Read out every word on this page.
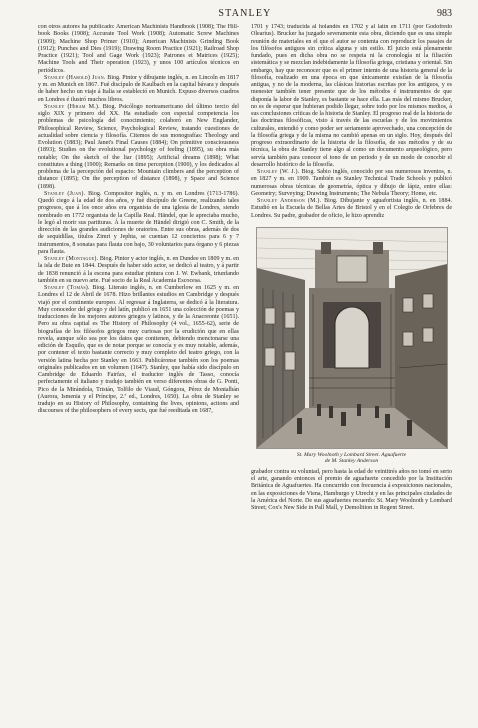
STANLEY	983

con otros autores ha publicado: American Machinists Handbook (1908); The Hill-book Books (1908); Accurate Tool Work (1908); Automatic Screw Machines (1909); Machine Shop Primer (1910); American Machinists Grinding Book (1912); Punches and Dies (1919); Drawing Room Practice (1921); Railroad Shop Practice (1921); Tool and Gage Work (1923); Patrones et Matrices (1925); Machine Tools and Their operation (1923), y unos 100 artículos técnicos en periódicos.

Stanley (Harold) Juan. Biog. Pintor y dibujante inglés, n. en Lincoln en 1817 y m. en Munich en 1867. Fué discípulo de Kaulbach en la capital bávara y después de haber hecho un viaje á Italia se estableció en Munich. Expuso diversos cuadros en Londres é ilustró muchos libros.

Stanley (Hiram M.). Biog. Psicólogo norteamericano del último tercio del siglo XIX y primero del XX. Ha estudiado con especial competencia los problemas de psicología del conocimiento; colaboró en New Englander, Philosophical Review, Science, Psychological Review, tratando cuestiones de actualidad sobre ciencia y filosofía. Citemos de sus monografías: Theology and Evolution (1883); Paul Janet's Final Causes (1884); On primitive consciousness (1893); Studies on the evolutional psychology of feeling (1895), su obra más notable; On the sketch of the liar (1895); Artificial dreams (1898); What constitutes a thing (1900); Remarks on time perception (1900), y los dedicados al problema de la percepción del espacio: Mountain climbers and the perception of distance (1895); On the perception of distance (1898), y Space and Science (1898).

Stanley (Juan). Biog. Compositor inglés, n. y m. en Londres (1713-1786). Quedó ciego á la edad de dos años, y fué discípulo de Greene, realizando tales progresos, que á los once años era organista de una iglesia de Londres, siendo nombrado en 1772 organista de la Capilla Real. Händel, que le apreciaba mucho, le legó al morir sus partituras. Á la muerte de Händel dirigió con C. Smith, de la dirección de las grandes audiciones de oratorios. Entre sus obras, además de dos de sequidillas, títulos Zimri y Jephta, se cuentan 12 conciertos para 6 y 7 instrumentos, 8 sonatas para flauta con bajo, 30 voluntarios para órgano y 6 piezas para flauta.

Stanley (Montague). Biog. Pintor y actor inglés, n. en Dundee en 1809 y m. en la isla de Bute en 1844. Después de haber sido actor, se dedicó al teatro, y á partir de 1838 renunció á la escena para estudiar pintura con J. W. Ewbank, triunfando también en su nuevo arte. Fué socio de la Real Academia Escocesa.

Stanley (Tomás). Biog. Literato inglés, n. en Cumberlow en 1625 y m. en Londres el 12 de Abril de 1678. Hizo brillantes estudios en Cambridge y después viajó por el continente europeo. Al regresar á Inglaterra, se dedicó á la literatura. Muy conocedor del griego y del latín, publicó en 1651 una colección de poemas y traducciones de los mejores autores griegos y latinos, y de la Anacreonte (1651). Pero su obra capital es The History of Philosophy (4 vol., 1655-62), serie de biografías de los filósofos griegos muy curiosas por la erudición que en ellas revela, aunque sólo sea por los datos que contienen, debiendo mencionarse una edición de Esquilo, que es de notar porque se conocía y es muy notable, además, por contener el texto bastante correcto y muy completo del teatro griego, con la versión latina hecha por Stanley en 1663. Publicáronse también son los poemas originales publicados en un volumen (1647). Stanley, que había sido discípulo en Cambridge de Eduardo Fairfax, el traductor inglés de Tasso, conocía perfectamente el italiano y tradujo también en verso diferentes obras de G. Ponti, Pico de la Mirándola, Tristán, Tolfilo de Viaud, Góngora, Pérez de Montalbán (Aurora, Ismenia y el Príncipe, 2.ª ed., Londres, 1650). La obra de Stanley se tradujo en su History of Philosophy, containing the lives, opinions, actions and discourses of the philosophers of every sects, que fué reeditada en 1687,

1701 y 1743; traducida al holandés en 1702 y al latín en 1711 (por Godofredo Olearius). Brucker ha juzgado severamente esta obra, diciendo que es una simple reunión de materiales en el que el autor se contenta con reproducir los pasajes de los filósofos antiguos sin crítica alguna y sin estilo. El juicio está plenamente fundado, pues en dicha obra no se respeta ni la cronología ni la filiación sistemática y se mezclan indebidamente la filosofía griega, cristiana y oriental. Sin embargo, hay que reconocer que es el primer intento de una historia general de la filosofía, realizado en una época en que únicamente existían de la filosofía antigua, y no de la moderna, las clásicas historias escritas por los antiguos, y es menester también tener presente que de los métodos é instrumentos de que disponía la labor de Stanley, es bastante se hace ella. Las más del mismo Brucker, no es de esperar que hubieran podido llegar, sobre todo por los mismos medios, á sus conclusiones críticas de la historia de Stanley. El progreso real de la historia de las doctrinas filosóficas, visto á través de las escuelas y de los movimientos culturales, entendió y como poder ser seriamente aprovechado, una concepción de la filosofía griega y de la misma no cambió apenas en un siglo. Hoy, después del progreso extraordinario de la historia de la filosofía, de sus métodos y de su técnica, la obra de Stanley tiene algo al como un documento arqueológico, pero servía también para conocer el tono de un periodo y de un modo de concebir el desarrollo histórico de la filosofía.

Stanley (W. J.). Biog. Sabio inglés, conocido por sus numerosos inventos, n. en 1827 y m. en 1909. También es Stanley Technical Trade Schools y publicó numerosas obras técnicas de geometría, óptica y dibujo de lápiz, entre ellas: Geometry; Surveying; Drawing Instruments; The Nebula Theory; Home, etc.

Stanley Anderson (M.). Biog. Dibujante y aguafortista inglés, n. en 1884. Estudió en la Escuela de Bellas Artes de Bristol y en el Colegio de Orfebres de Londres. Su padre, grabador de oficio, le hizo aprendiz

St. Mary Woolnoth y Lombard Street. Aguafuerte
de M. Stanley Anderson

grabador contra su voluntad, pero hasta la edad de veintitrés años no tomó en serio el arte, ganando entonces el premio de aguafuerte concedido por la Institución Británica de Aguafuertes. Ha concurrido con frecuencia á exposiciones nacionales, en las exposiciones de Viena, Hamburgo y Utrecht y en las principales ciudades de la América del Norte. De sus aguafuertes recuerdo: St. Mary Woolnoth y Lombard Street; Cox's New Side in Pall Mall, y Demolition in Regent Street.
